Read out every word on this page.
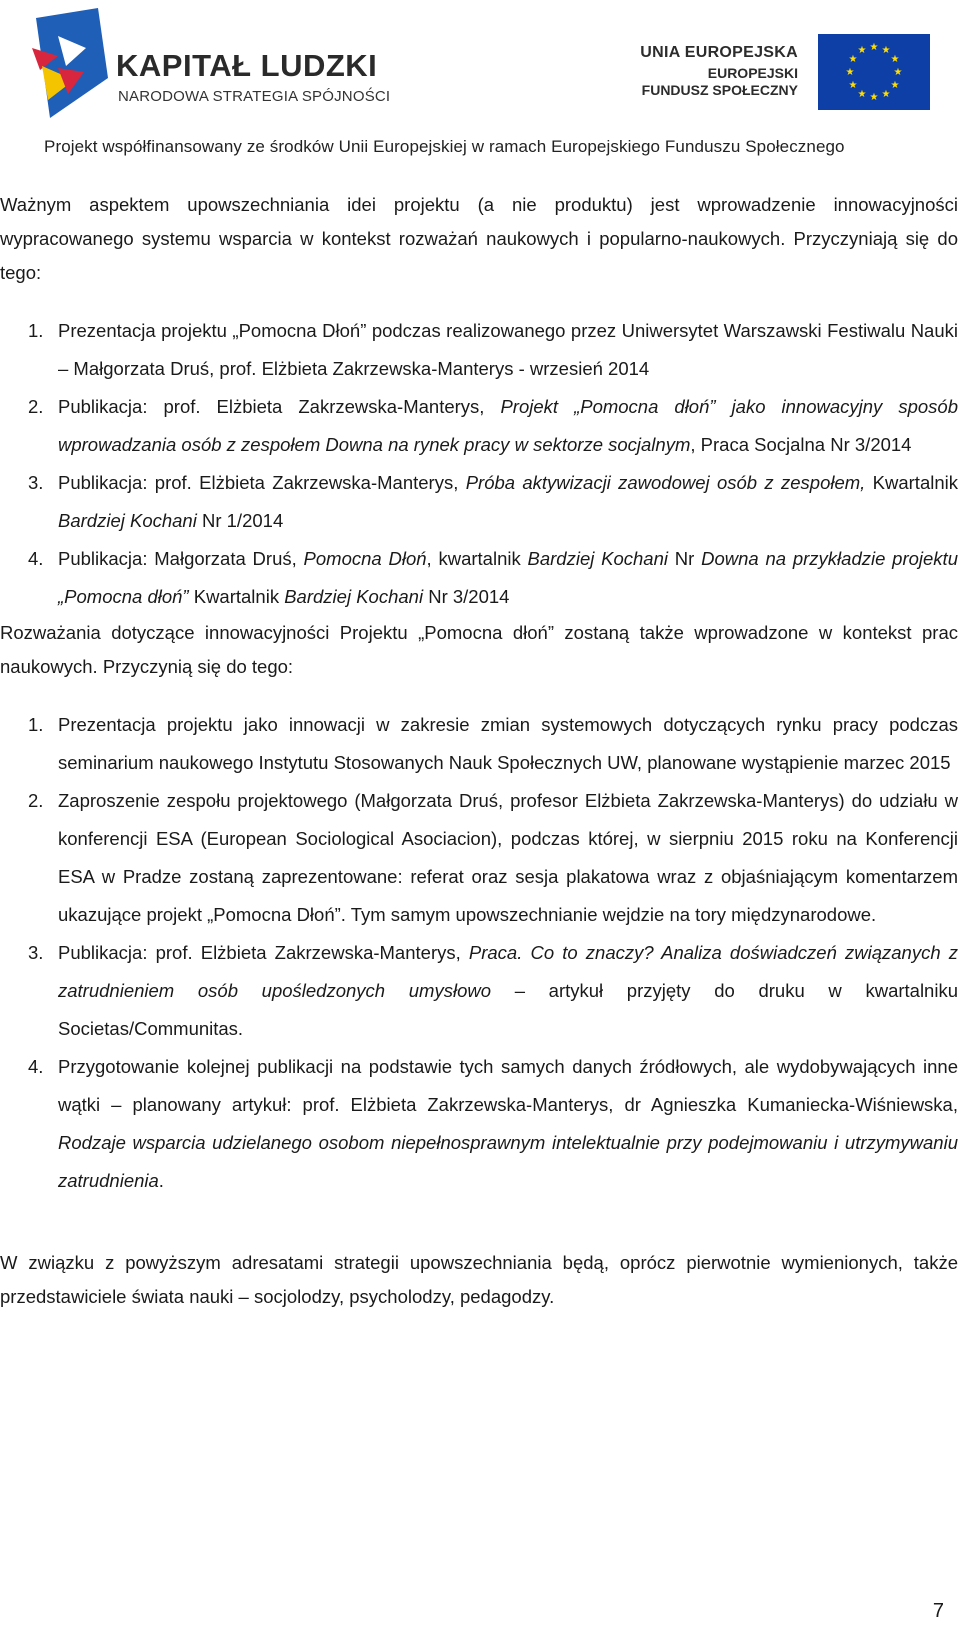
KAPITAŁ LUDZKI
NARODOWA STRATEGIA SPÓJNOŚCI
UNIA EUROPEJSKA
EUROPEJSKI
FUNDUSZ SPOŁECZNY
★ ★
★
★
★
★
★
★
★
★
★
★
Projekt współfinansowany ze środków Unii Europejskiej w ramach Europejskiego Funduszu Społecznego

Ważnym aspektem upowszechniania idei projektu (a nie produktu) jest wprowadzenie innowacyjności wypracowanego systemu wsparcia w kontekst rozważań naukowych i popularno-naukowych. Przyczyniają się do tego:

1. Prezentacja projektu „Pomocna Dłoń” podczas realizowanego przez Uniwersytet Warszawski Festiwalu Nauki – Małgorzata Druś, prof. Elżbieta Zakrzewska-Manterys - wrzesień 2014
2. Publikacja: prof. Elżbieta Zakrzewska-Manterys, Projekt „Pomocna dłoń” jako innowacyjny sposób wprowadzania osób z zespołem Downa na rynek pracy w sektorze socjalnym, Praca Socjalna Nr 3/2014
3. Publikacja: prof. Elżbieta Zakrzewska-Manterys, Próba aktywizacji zawodowej osób z zespołem, Kwartalnik Bardziej Kochani Nr 1/2014
4. Publikacja: Małgorzata Druś, Pomocna Dłoń, kwartalnik Bardziej Kochani Nr Downa na przykładzie projektu „Pomocna dłoń” Kwartalnik Bardziej Kochani Nr 3/2014

Rozważania dotyczące innowacyjności Projektu „Pomocna dłoń” zostaną także wprowadzone w kontekst prac naukowych. Przyczynią się do tego:

1. Prezentacja projektu jako innowacji w zakresie zmian systemowych dotyczących rynku pracy podczas seminarium naukowego Instytutu Stosowanych Nauk Społecznych UW, planowane wystąpienie marzec 2015
2. Zaproszenie zespołu projektowego (Małgorzata Druś, profesor Elżbieta Zakrzewska-Manterys) do udziału w konferencji ESA (European Sociological Asociacion), podczas której, w sierpniu 2015 roku na Konferencji ESA w Pradze zostaną zaprezentowane: referat oraz sesja plakatowa wraz z objaśniającym komentarzem ukazujące projekt „Pomocna Dłoń”. Tym samym upowszechnianie wejdzie na tory międzynarodowe.
3. Publikacja: prof. Elżbieta Zakrzewska-Manterys, Praca. Co to znaczy? Analiza doświadczeń związanych z zatrudnieniem osób upośledzonych umysłowo – artykuł przyjęty do druku w kwartalniku Societas/Communitas.
4. Przygotowanie kolejnej publikacji na podstawie tych samych danych źródłowych, ale wydobywających inne wątki – planowany artykuł: prof. Elżbieta Zakrzewska-Manterys, dr Agnieszka Kumaniecka-Wiśniewska, Rodzaje wsparcia udzielanego osobom niepełnosprawnym intelektualnie przy podejmowaniu i utrzymywaniu zatrudnienia.

W związku z powyższym adresatami strategii upowszechniania będą, oprócz pierwotnie wymienionych, także przedstawiciele świata nauki – socjolodzy, psycholodzy, pedagodzy.

7
